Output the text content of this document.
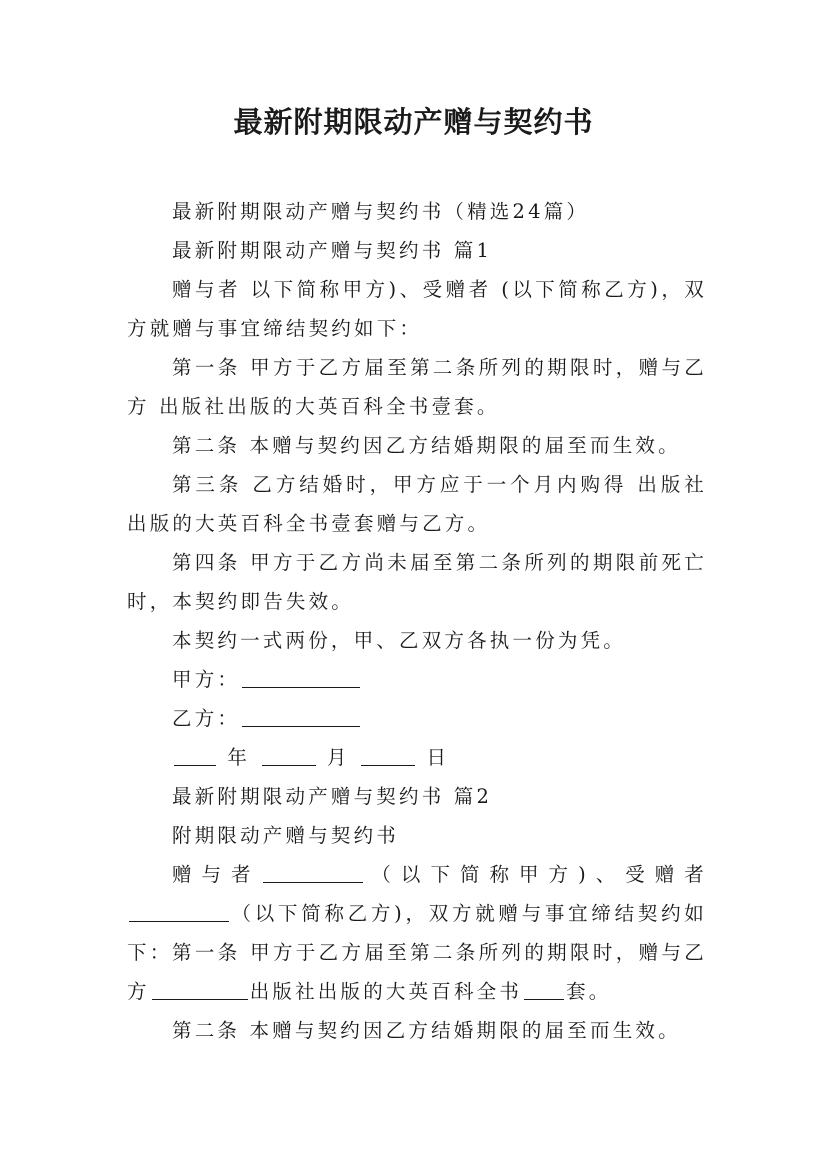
最新附期限动产赠与契约书

最新附期限动产赠与契约书（精选24篇）

最新附期限动产赠与契约书 篇1

赠与者 以下简称甲方)、受赠者 (以下简称乙方)，双方就赠与事宜缔结契约如下：

第一条 甲方于乙方届至第二条所列的期限时，赠与乙方 出版社出版的大英百科全书壹套。

第二条 本赠与契约因乙方结婚期限的届至而生效。

第三条 乙方结婚时，甲方应于一个月内购得 出版社出版的大英百科全书壹套赠与乙方。

第四条 甲方于乙方尚未届至第二条所列的期限前死亡时，本契约即告失效。

本契约一式两份，甲、乙双方各执一份为凭。

甲方：

乙方：

年	月	日

最新附期限动产赠与契约书 篇2

附期限动产赠与契约书

赠与者	（以下简称甲方)、受赠者（以下简称乙方)，双方就赠与事宜缔结契约如下： 第一条 甲方于乙方届至第二条所列的期限时，赠与乙方	出版社出版的大英百科全书 套。

第二条 本赠与契约因乙方结婚期限的届至而生效。
